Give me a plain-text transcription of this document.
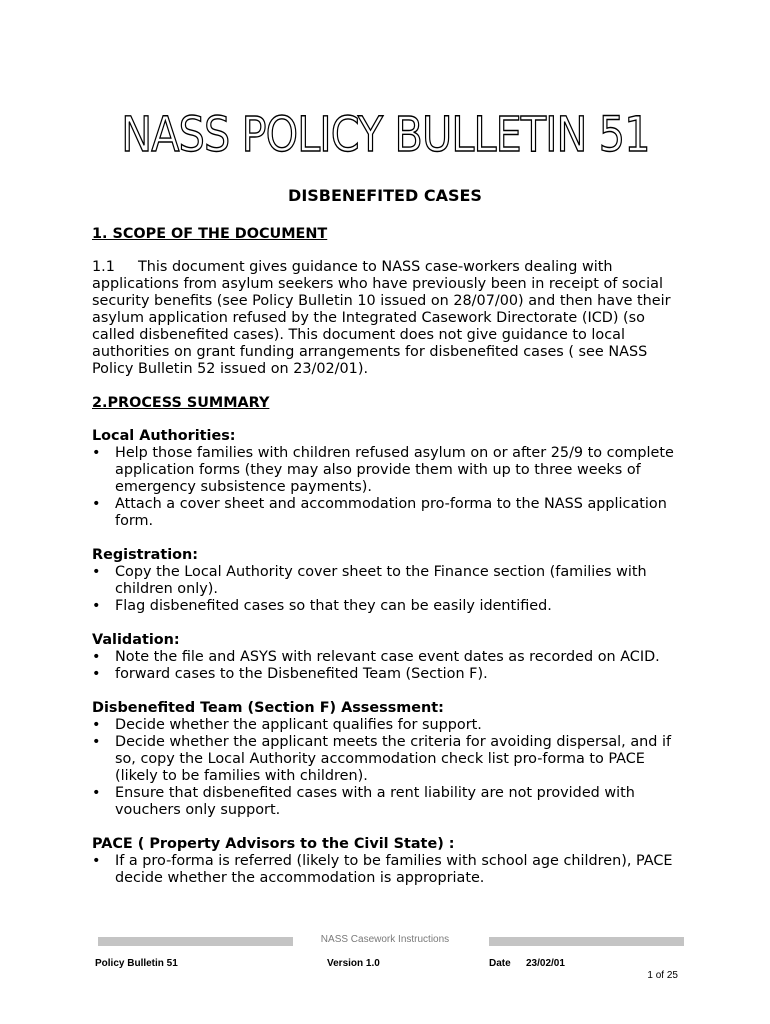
NASS POLICY BULLETIN 51
DISBENEFITED CASES
1. SCOPE OF THE DOCUMENT
1.1 This document gives guidance to NASS case-workers dealing with applications from asylum seekers who have previously been in receipt of social security benefits (see Policy Bulletin 10 issued on 28/07/00) and then have their asylum application refused by the Integrated Casework Directorate (ICD) (so called disbenefited cases). This document does not give guidance to local authorities on grant funding arrangements for disbenefited cases ( see NASS Policy Bulletin 52 issued on 23/02/01).
2.PROCESS SUMMARY
Local Authorities:
• Help those families with children refused asylum on or after 25/9 to complete application forms (they may also provide them with up to three weeks of emergency subsistence payments).
• Attach a cover sheet and accommodation pro-forma to the NASS application form.
Registration:
• Copy the Local Authority cover sheet to the Finance section (families with children only).
• Flag disbenefited cases so that they can be easily identified.
Validation:
• Note the file and ASYS with relevant case event dates as recorded on ACID.
• forward cases to the Disbenefited Team (Section F).
Disbenefited Team (Section F) Assessment:
• Decide whether the applicant qualifies for support.
• Decide whether the applicant meets the criteria for avoiding dispersal, and if so, copy the Local Authority accommodation check list pro-forma to PACE (likely to be families with children).
• Ensure that disbenefited cases with a rent liability are not provided with vouchers only support.
PACE ( Property Advisors to the Civil State) :
• If a pro-forma is referred (likely to be families with school age children), PACE decide whether the accommodation is appropriate.
NASS Casework Instructions
Policy Bulletin 51	Version 1.0	Date 23/02/01
1 of 25
